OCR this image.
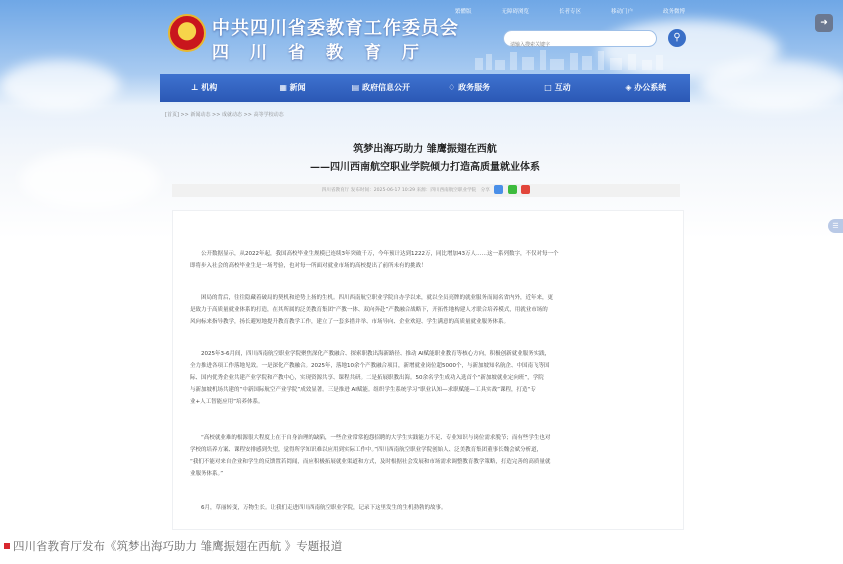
中共四川省委教育工作委员会
四川省教育厅
繁體版	无障碍浏览	长者专区	移动门户	政务微博
请输入搜索关键字
⚲
⊥ 机构	▦ 新闻	▤ 政府信息公开	♢ 政务服务	□ 互动	◈ 办公系统
[首页] >> 新闻动态 >> 成就动态 >> 高等学校动态
筑梦出海巧助力 雏鹰振翅在西航
——四川西南航空职业学院倾力打造高质量就业体系
四川省教育厅 发布时间：2025-06-17 10:29 来源：四川西南航空职业学院 分享
公开数据显示，从2022年起，我国高校毕业生规模已连续3年突破千万，今年预计达到1222万，同比增加43万人……这一系列数字，不仅对每一个
即将步入社会的高校毕业生是一场考验，也对每一所面对就业市场的高校提出了前所未有的挑战！
困局的背后，往往隐藏着破局的契机和逆势上扬的生机。四川西南航空职业学院自办学以来，就以全员亮牌的就业服务而闻名省内外，近年来，更
是致力于高质量就业体系的打造，在其所属的泛美教育集团“产教一体、双向奔赴”产教融合战略下，开拓性地构建人才联合培养模式，用就业市场的
风向标来指导教学，扬长避短地提升教育教学工作，建立了一套多措并举、市场导向、企业欢迎、学生满意的高质量就业服务体系。
2025年3-6月间，四川西南航空职业学院聚焦深化产教融合、探索职教出海新路径、推动 AI赋能职业教育等核心方向，积极创新就业服务实践，
全力推进各项工作落地见效。一是深化产教融合。2025年，落地10余个产教融合项目，新增就业岗位超5000个，与新加坡知名航企、中国南飞等国
际、国内优秀企业共建产业学院和产教中心，实现资源共享、课程共研。二是拓展职教出海。50余名学生成功入选首个“新加坡就业定向班”，学院
与新加坡机场共建的“中新国际航空产业学院”成效显著。三是推进 AI赋能。组织学生系统学习“职业认知—求职赋能—工具实战”课程，打造“专
业+人工智能应用”培养体系。
“高校就业难的根源很大程度上在于自身治理的缺陷，一些企业常常抱怨招聘的大学生实践能力不足、专业知识与岗位需求脱节；而有些学生也对
学校的培养方案、课程安排感到失望，觉得所学知识难以应用到实际工作中。”四川西南航空职业学院创始人、泛美教育集团董事长魏会斌分析道，
“我们不能对来自企业和学生的反馈置若罔闻，而应积极拓展就业渠道和方式，及时根据社会发展和市场需求调整教育教学策略，打造完善的高质量就
业服务体系。”
6月，草丽转变，万物生长。让我们走进四川西南航空职业学院，记录下这里发生的生机勃勃的故事。
➜
☰
四川省教育厅发布《筑梦出海巧助力 雏鹰振翅在西航 》专题报道
